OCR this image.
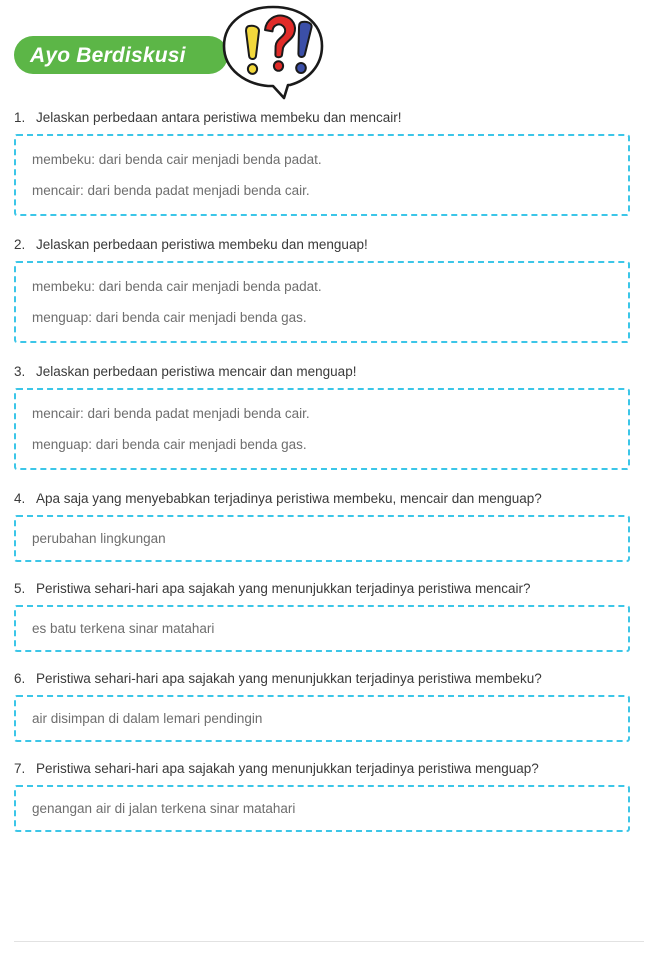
Ayo Berdiskusi
1. Jelaskan perbedaan antara peristiwa membeku dan mencair!
membeku: dari benda cair menjadi benda padat.
mencair: dari benda padat menjadi benda cair.
2. Jelaskan perbedaan peristiwa membeku dan menguap!
membeku: dari benda cair menjadi benda padat.
menguap: dari benda cair menjadi benda gas.
3. Jelaskan perbedaan peristiwa mencair dan menguap!
mencair: dari benda padat menjadi benda cair.
menguap: dari benda cair menjadi benda gas.
4. Apa saja yang menyebabkan terjadinya peristiwa membeku, mencair dan menguap?
perubahan lingkungan
5. Peristiwa sehari-hari apa sajakah yang menunjukkan terjadinya peristiwa mencair?
es batu terkena sinar matahari
6. Peristiwa sehari-hari apa sajakah yang menunjukkan terjadinya peristiwa membeku?
air disimpan di dalam lemari pendingin
7. Peristiwa sehari-hari apa sajakah yang menunjukkan terjadinya peristiwa menguap?
genangan air di jalan terkena sinar matahari
